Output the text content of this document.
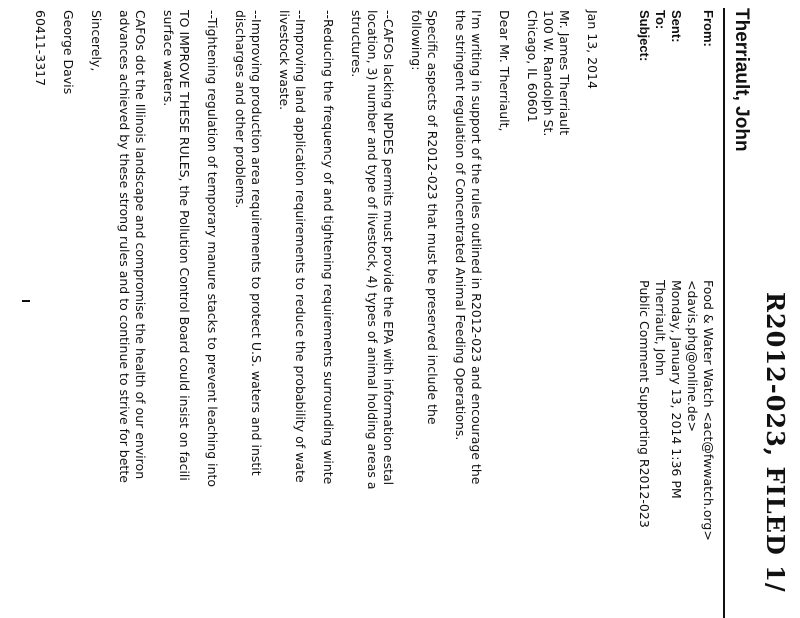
R2012-023, FILED 1/
Therriault, John
From:
Sent:
To:
Subject:
Food & Water Watch <act@fwwatch.org>
<davis.phg@online.de>
Monday, January 13, 2014 1:36 PM
Therriault, John
Public Comment Supporting R2012-023
Jan 13, 2014
Mr. James Therriault
100 W. Randolph St.
Chicago, IL 60601
Dear Mr. Therriault,
I'm writing in support of the rules outlined in R2012-023 and encourage the
the stringent regulation of Concentrated Animal Feeding Operations.
Specific aspects of R2012-023 that must be preserved include the
following:
--CAFOs lacking NPDES permits must provide the EPA with information estal
location, 3) number and type of livestock, 4) types of animal holding areas a
structures.
--Reducing the frequency of and tightening requirements surrounding winte
--Improving land application requirements to reduce the probability of wate
livestock waste.
--Improving production area requirements to protect U.S. waters and instit
discharges and other problems.
--Tightening regulation of temporary manure stacks to prevent leaching into
TO IMPROVE THESE RULES, the Pollution Control Board could insist on facili
surface waters.
CAFOs dot the Illinois landscape and compromise the health of our environ
advances achieved by these strong rules and to continue to strive for bette
Sincerely,
George Davis
60411-3317
